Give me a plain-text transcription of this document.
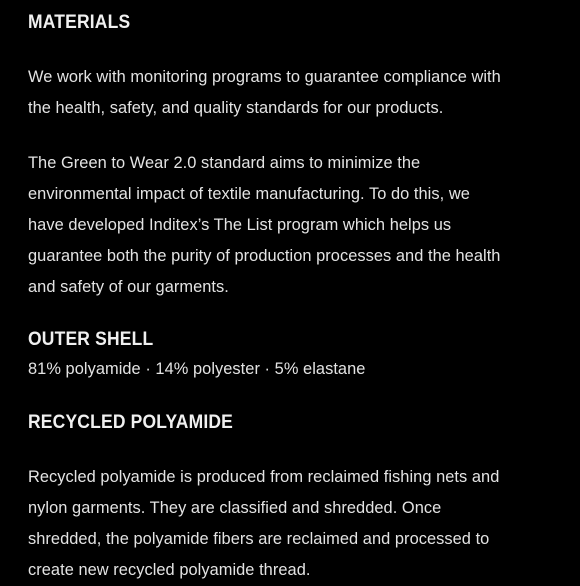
MATERIALS

We work with monitoring programs to guarantee compliance with
the health, safety, and quality standards for our products.

The Green to Wear 2.0 standard aims to minimize the
environmental impact of textile manufacturing. To do this, we
have developed Inditex’s The List program which helps us
guarantee both the purity of production processes and the health
and safety of our garments.

OUTER SHELL

81% polyamide · 14% polyester · 5% elastane

RECYCLED POLYAMIDE

Recycled polyamide is produced from reclaimed fishing nets and
nylon garments. They are classified and shredded. Once
shredded, the polyamide fibers are reclaimed and processed to
create new recycled polyamide thread.
